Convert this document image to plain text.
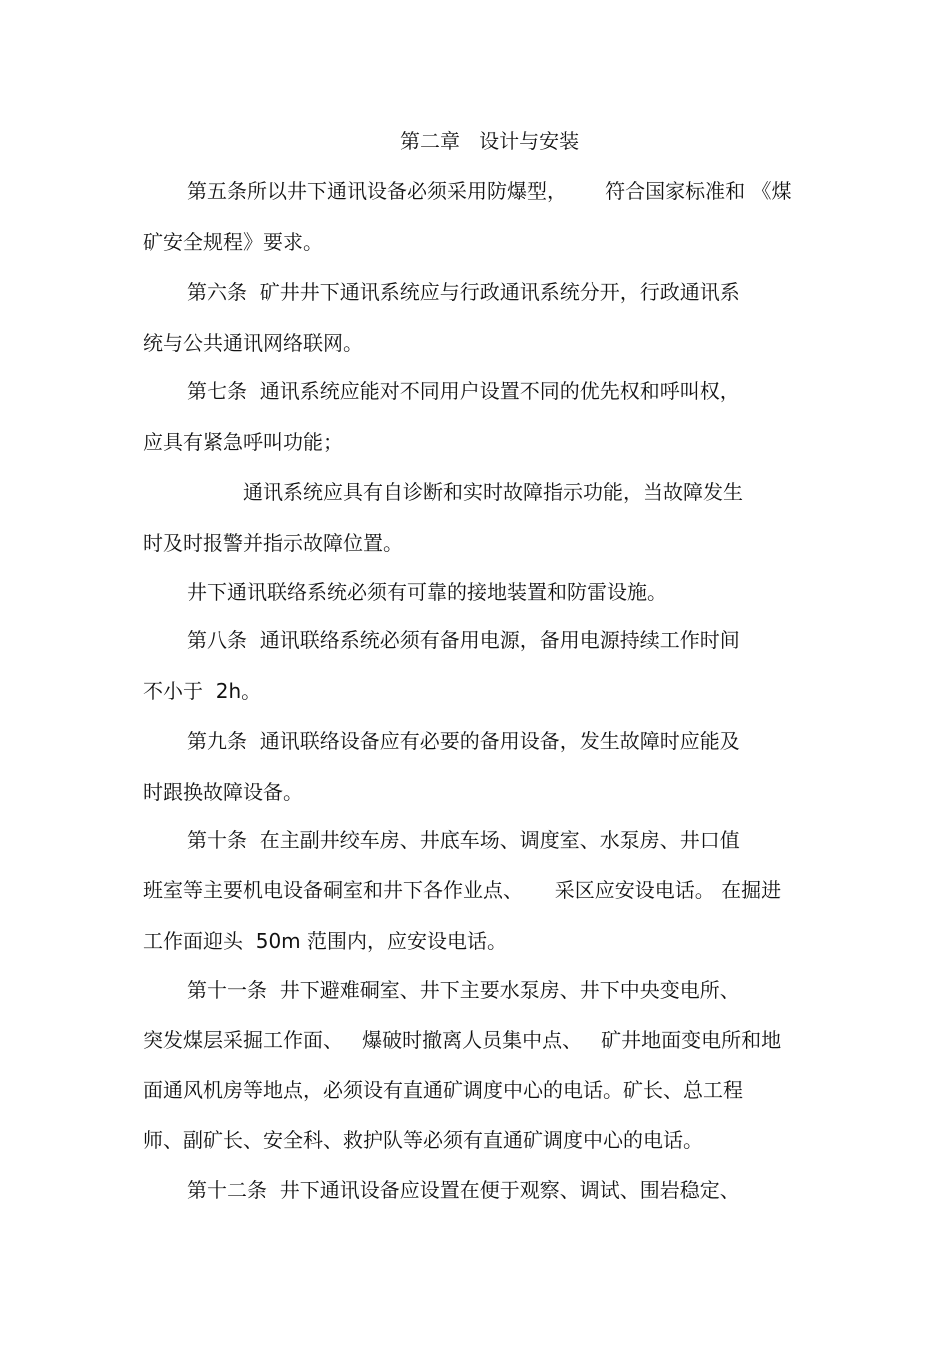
第二章   设计与安装
第五条所以井下通讯设备必须采用防爆型，      符合国家标准和 《煤
矿安全规程》要求。
第六条  矿井井下通讯系统应与行政通讯系统分开，行政通讯系
统与公共通讯网络联网。
第七条  通讯系统应能对不同用户设置不同的优先权和呼叫权，
应具有紧急呼叫功能；
通讯系统应具有自诊断和实时故障指示功能，当故障发生
时及时报警并指示故障位置。
井下通讯联络系统必须有可靠的接地装置和防雷设施。
第八条  通讯联络系统必须有备用电源，备用电源持续工作时间
不小于  2h。
第九条  通讯联络设备应有必要的备用设备，发生故障时应能及
时跟换故障设备。
第十条  在主副井绞车房、井底车场、调度室、水泵房、井口值
班室等主要机电设备硐室和井下各作业点、     采区应安设电话。 在掘进
工作面迎头  50m 范围内，应安设电话。
第十一条  井下避难硐室、井下主要水泵房、井下中央变电所、
突发煤层采掘工作面、   爆破时撤离人员集中点、   矿井地面变电所和地
面通风机房等地点，必须设有直通矿调度中心的电话。矿长、总工程
师、副矿长、安全科、救护队等必须有直通矿调度中心的电话。
第十二条  井下通讯设备应设置在便于观察、调试、围岩稳定、
